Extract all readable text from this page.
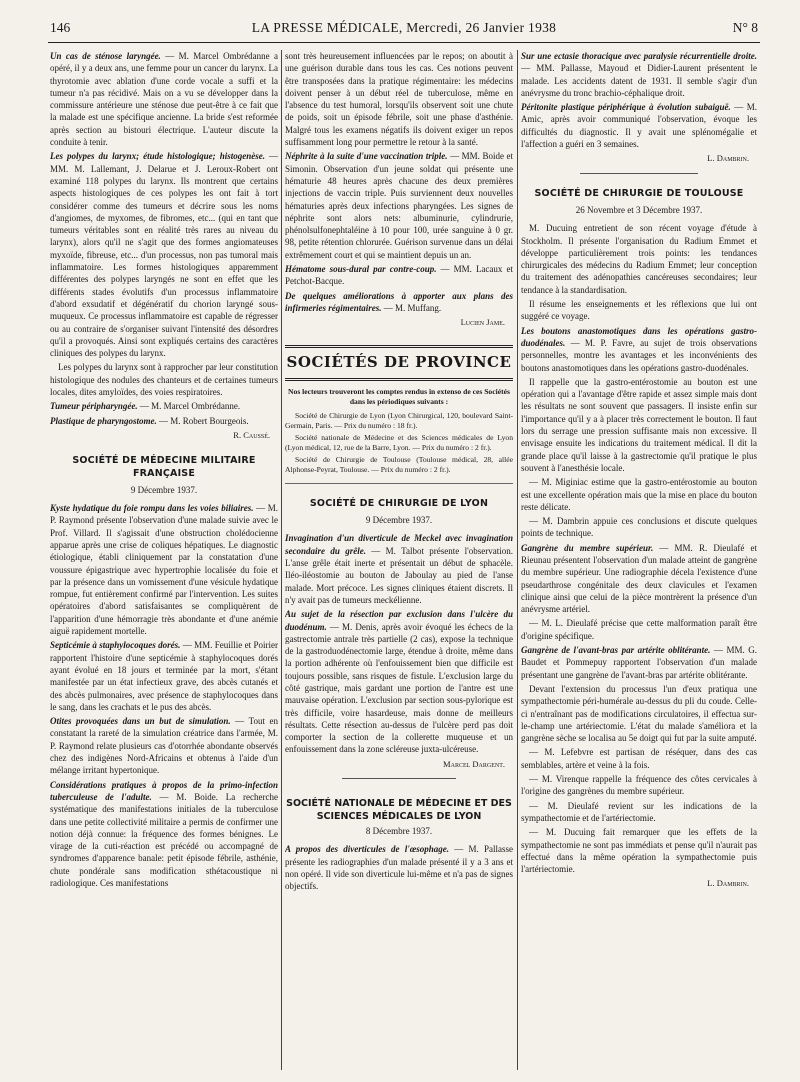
146	LA PRESSE MÉDICALE, Mercredi, 26 Janvier 1938	N° 8

Un cas de sténose laryngée. — M. Marcel Ombrédanne a opéré, il y a deux ans, une femme pour un cancer du larynx. La thyrotomie avec ablation d'une corde vocale a suffi et la tumeur n'a pas récidivé. Mais on a vu se développer dans la commissure antérieure une sténose due peut-être à ce fait que la malade est une spécifique ancienne. La bride s'est reformée après section au bistouri électrique. L'auteur discute la conduite à tenir.

Les polypes du larynx; étude histologique; histogenèse. — MM. M. Lallemant, J. Delarue et J. Leroux-Robert ont examiné 118 polypes du larynx. Ils montrent que certains aspects histologiques de ces polypes les ont fait à tort considérer comme des tumeurs et décrire sous les noms d'angiomes, de myxomes, de fibromes, etc... (qui en tant que tumeurs véritables sont en réalité très rares au niveau du larynx), alors qu'il ne s'agit que des formes angiomateuses myxoïde, fibreuse, etc... d'un processus, non pas tumoral mais inflammatoire. Les formes histologiques apparemment différentes des polypes laryngés ne sont en effet que les différents stades évolutifs d'un processus inflammatoire d'abord exsudatif et dégénératif du chorion laryngé sous-muqueux. Ce processus inflammatoire est capable de régresser ou au contraire de s'organiser suivant l'intensité des désordres qu'il a provoqués. Ainsi sont expliqués certains des caractères cliniques des polypes du larynx.

Les polypes du larynx sont à rapprocher par leur constitution histologique des nodules des chanteurs et de certaines tumeurs locales, dites amyloïdes, des voies respiratoires.

Tumeur péripharyngée. — M. Marcel Ombrédanne.

Plastique de pharyngostome. — M. Robert Bourgeois.

R. Caussé.
SOCIÉTÉ DE MÉDECINE MILITAIRE FRANÇAISE
9 Décembre 1937.

Kyste hydatique du foie rompu dans les voies biliaires. — M. P. Raymond présente l'observation d'une malade suivie avec le Prof. Villard. Il s'agissait d'une obstruction cholédocienne apparue après une crise de coliques hépatiques. Le diagnostic étiologique, établi cliniquement par la constatation d'une voussure épigastrique avec hypertrophie localisée du foie et par la présence dans un vomissement d'une vésicule hydatique rompue, fut entièrement confirmé par l'intervention. Les suites opératoires d'abord satisfaisantes se compliquèrent de l'apparition d'une hémorragie très abondante et d'une anémie aiguë rapidement mortelle.

Septicémie à staphylocoques dorés. — MM. Feuillie et Poirier rapportent l'histoire d'une septicémie à staphylocoques dorés ayant évolué en 18 jours et terminée par la mort, s'étant manifestée par un état infectieux grave, des abcès cutanés et des abcès pulmonaires, avec présence de staphylocoques dans le sang, dans les crachats et le pus des abcès.

Otites provoquées dans un but de simulation. — Tout en constatant la rareté de la simulation créatrice dans l'armée, M. P. Raymond relate plusieurs cas d'otorrhée abondante observés chez des indigènes Nord-Africains et obtenus à l'aide d'un mélange irritant hypertonique.

Considérations pratiques à propos de la primo-infection tuberculeuse de l'adulte. — M. Boide. La recherche systématique des manifestations initiales de la tuberculose dans une petite collectivité militaire a permis de confirmer une notion déjà connue: la fréquence des formes bénignes. Le virage de la cuti-réaction est précédé ou accompagné de syndromes d'apparence banale: petit épisode fébrile, asthénie, chute pondérale sans modification sthétacoustique ni radiologique. Ces manifestations

sont très heureusement influencées par le repos; on aboutit à une guérison durable dans tous les cas. Ces notions peuvent être transposées dans la pratique régimentaire: les médecins doivent penser à un début réel de tuberculose, même en l'absence du test humoral, lorsqu'ils observent soit une chute de poids, soit un épisode fébrile, soit une phase d'asthénie. Malgré tous les examens négatifs ils doivent exiger un repos suffisamment long pour permettre le retour à la santé.

Néphrite à la suite d'une vaccination triple. — MM. Boide et Simonin. Observation d'un jeune soldat qui présente une hématurie 48 heures après chacune des deux premières injections de vaccin triple. Puis surviennent deux nouvelles hématuries après deux infections pharyngées. Les signes de néphrite sont alors nets: albuminurie, cylindrurie, phénolsulfonephtaléine à 10 pour 100, urée sanguine à 0 gr. 98, petite rétention chlorurée. Guérison survenue dans un délai extrêmement court et qui se maintient depuis un an.

Hématome sous-dural par contre-coup. — MM. Lacaux et Petchot-Bacque.

De quelques améliorations à apporter aux plans des infirmeries régimentaires. — M. Muffang.

Lucien Jame.
SOCIÉTÉS DE PROVINCE
Nos lecteurs trouveront les comptes rendus in extenso de ces Sociétés dans les périodiques suivants :

Société de Chirurgie de Lyon (Lyon Chirurgical, 120, boulevard Saint-Germain, Paris. — Prix du numéro : 18 fr.).

Société nationale de Médecine et des Sciences médicales de Lyon (Lyon médical, 12, rue de la Barre, Lyon. — Prix du numéro : 2 fr.).

Société de Chirurgie de Toulouse (Toulouse médical, 28, allée Alphonse-Peyrat, Toulouse. — Prix du numéro : 2 fr.).

SOCIÉTÉ DE CHIRURGIE DE LYON
9 Décembre 1937.

Invagination d'un diverticule de Meckel avec invagination secondaire du grêle. — M. Talbot présente l'observation. L'anse grêle était inerte et présentait un début de sphacèle. Iléo-iléostomie au bouton de Jaboulay au pied de l'anse malade. Mort précoce. Les signes cliniques étaient discrets. Il n'y avait pas de tumeurs meckélienne.

Au sujet de la résection par exclusion dans l'ulcère du duodénum. — M. Denis, après avoir évoqué les échecs de la gastrectomie antrale très partielle (2 cas), expose la technique de la gastroduodénectomie large, étendue à droite, même dans la portion adhérente où l'enfouissement bien que difficile est toujours possible, sans risques de fistule. L'exclusion large du côté gastrique, mais gardant une portion de l'antre est une mauvaise opération. L'exclusion par section sous-pylorique est très difficile, voire hasardeuse, mais donne de meilleurs résultats. Cette résection au-dessus de l'ulcère perd pas doit comporter la section de la collerette muqueuse et un enfouissement dans la zone scléreuse juxta-ulcéreuse.

Marcel Dargent.
SOCIÉTÉ NATIONALE DE MÉDECINE ET DES SCIENCES MÉDICALES DE LYON
8 Décembre 1937.

A propos des diverticules de l'œsophage. — M. Pallasse présente les radiographies d'un malade présenté il y a 3 ans et non opéré. Il vide son diverticule lui-même et n'a pas de signes objectifs.

Sur une ectasie thoracique avec paralysie récurrentielle droite. — MM. Pallasse, Mayoud et Didier-Laurent présentent le malade. Les accidents datent de 1931. Il semble s'agir d'un anévrysme du tronc brachio-céphalique droit.

Péritonite plastique périphérique à évolution subaiguë. — M. Amic, après avoir communiqué l'observation, évoque les difficultés du diagnostic. Il y avait une splénomégalie et l'affection a guéri en 3 semaines.

L. Dambrin.
SOCIÉTÉ DE CHIRURGIE DE TOULOUSE
26 Novembre et 3 Décembre 1937.

M. Ducuing entretient de son récent voyage d'étude à Stockholm. Il présente l'organisation du Radium Emmet et développe particulièrement trois points: les tendances chirurgicales des médecins du Radium Emmet; leur conception du traitement des adénopathies cancéreuses secondaires; leur tendance à la standardisation.

Il résume les enseignements et les réflexions que lui ont suggéré ce voyage.

Les boutons anastomotiques dans les opérations gastro-duodénales. — M. P. Favre, au sujet de trois observations personnelles, montre les avantages et les inconvénients des boutons anastomotiques dans les opérations gastro-duodénales.

Il rappelle que la gastro-entérostomie au bouton est une opération qui a l'avantage d'être rapide et assez simple mais dont les résultats ne sont souvent que passagers. Il insiste enfin sur l'importance qu'il y a à placer très correctement le bouton. Il faut lors du serrage une pression suffisante mais non excessive. Il envisage ensuite les indications du traitement médical. Il dit la grande place qu'il laisse à la gastrectomie qu'il pratique le plus souvent à l'anesthésie locale.

— M. Miginiac estime que la gastro-entérostomie au bouton est une excellente opération mais que la mise en place du bouton reste délicate.

— M. Dambrin appuie ces conclusions et discute quelques points de technique.

Gangrène du membre supérieur. — MM. R. Dieulafé et Rieunau présentent l'observation d'un malade atteint de gangrène du membre supérieur. Une radiographie décela l'existence d'une pseudarthrose congénitale des deux clavicules et l'examen clinique ainsi que celui de la pièce montrèrent la présence d'un anévrysme artériel.

— M. L. Dieulafé précise que cette malformation paraît être d'origine spécifique.

Gangrène de l'avant-bras par artérite oblitérante. — MM. G. Baudet et Pommepuy rapportent l'observation d'un malade présentant une gangrène de l'avant-bras par artérite oblitérante.

Devant l'extension du processus l'un d'eux pratiqua une sympathectomie péri-humérale au-dessus du pli du coude. Celle-ci n'entraînant pas de modifications circulatoires, il effectua sur-le-champ une artériectomie. L'état du malade s'améliora et la gangrène sèche se localisa au 5e doigt qui fut par la suite amputé.

— M. Lefebvre est partisan de réséquer, dans des cas semblables, artère et veine à la fois.

— M. Virenque rappelle la fréquence des côtes cervicales à l'origine des gangrènes du membre supérieur.

— M. Dieulafé revient sur les indications de la sympathectomie et de l'artériectomie.

— M. Ducuing fait remarquer que les effets de la sympathectomie ne sont pas immédiats et pense qu'il n'aurait pas effectué dans la même opération la sympathectomie puis l'artériectomie.

L. Dambrin.
